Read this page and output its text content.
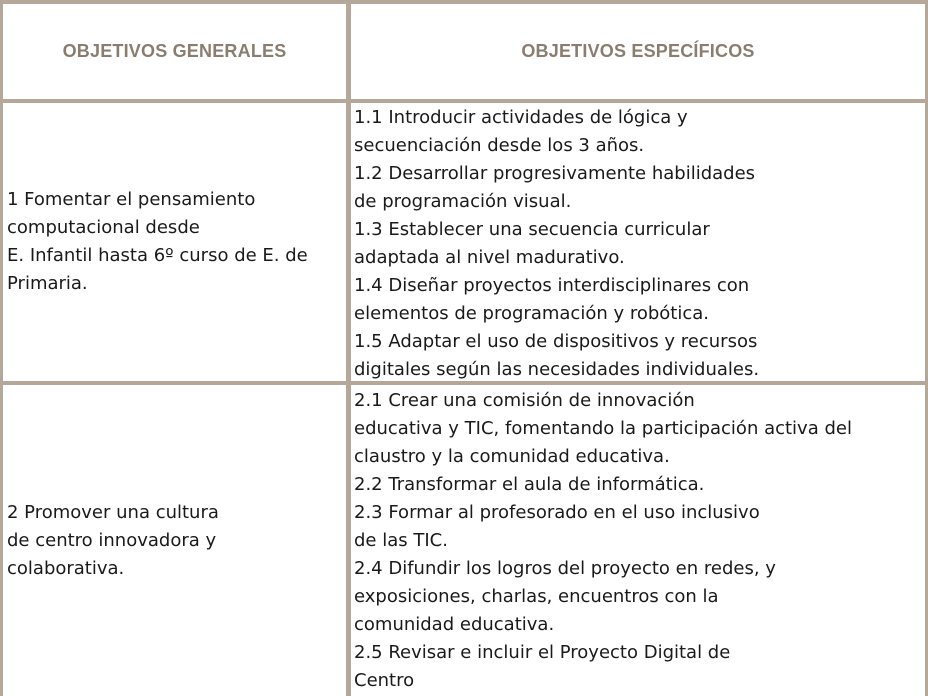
OBJETIVOS GENERALES	OBJETIVOS ESPECÍFICOS
1 Fomentar el pensamiento
computacional desde
E. Infantil hasta 6º curso de E. de
Primaria.
1.1 Introducir actividades de lógica y
secuenciación desde los 3 años.
1.2 Desarrollar progresivamente habilidades
de programación visual.
1.3 Establecer una secuencia curricular
adaptada al nivel madurativo.
1.4 Diseñar proyectos interdisciplinares con
elementos de programación y robótica.
1.5 Adaptar el uso de dispositivos y recursos
digitales según las necesidades individuales.
2 Promover una cultura
de centro innovadora y
colaborativa.
2.1 Crear una comisión de innovación
educativa y TIC, fomentando la participación activa del
claustro y la comunidad educativa.
2.2 Transformar el aula de informática.
2.3 Formar al profesorado en el uso inclusivo
de las TIC.
2.4 Difundir los logros del proyecto en redes, y
exposiciones, charlas, encuentros con la
comunidad educativa.
2.5 Revisar e incluir el Proyecto Digital de
Centro
